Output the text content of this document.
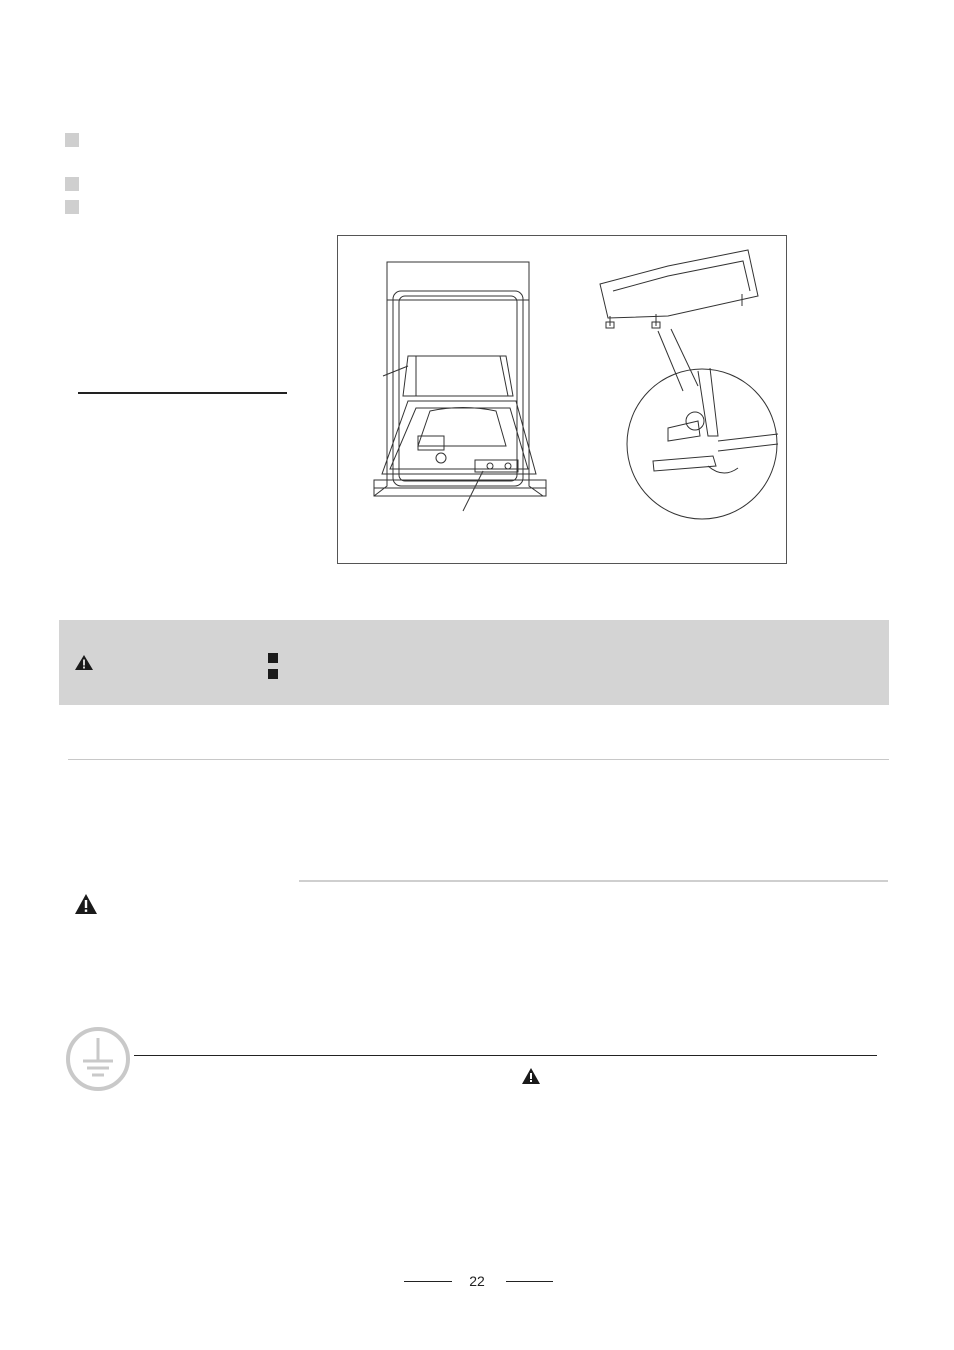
22
